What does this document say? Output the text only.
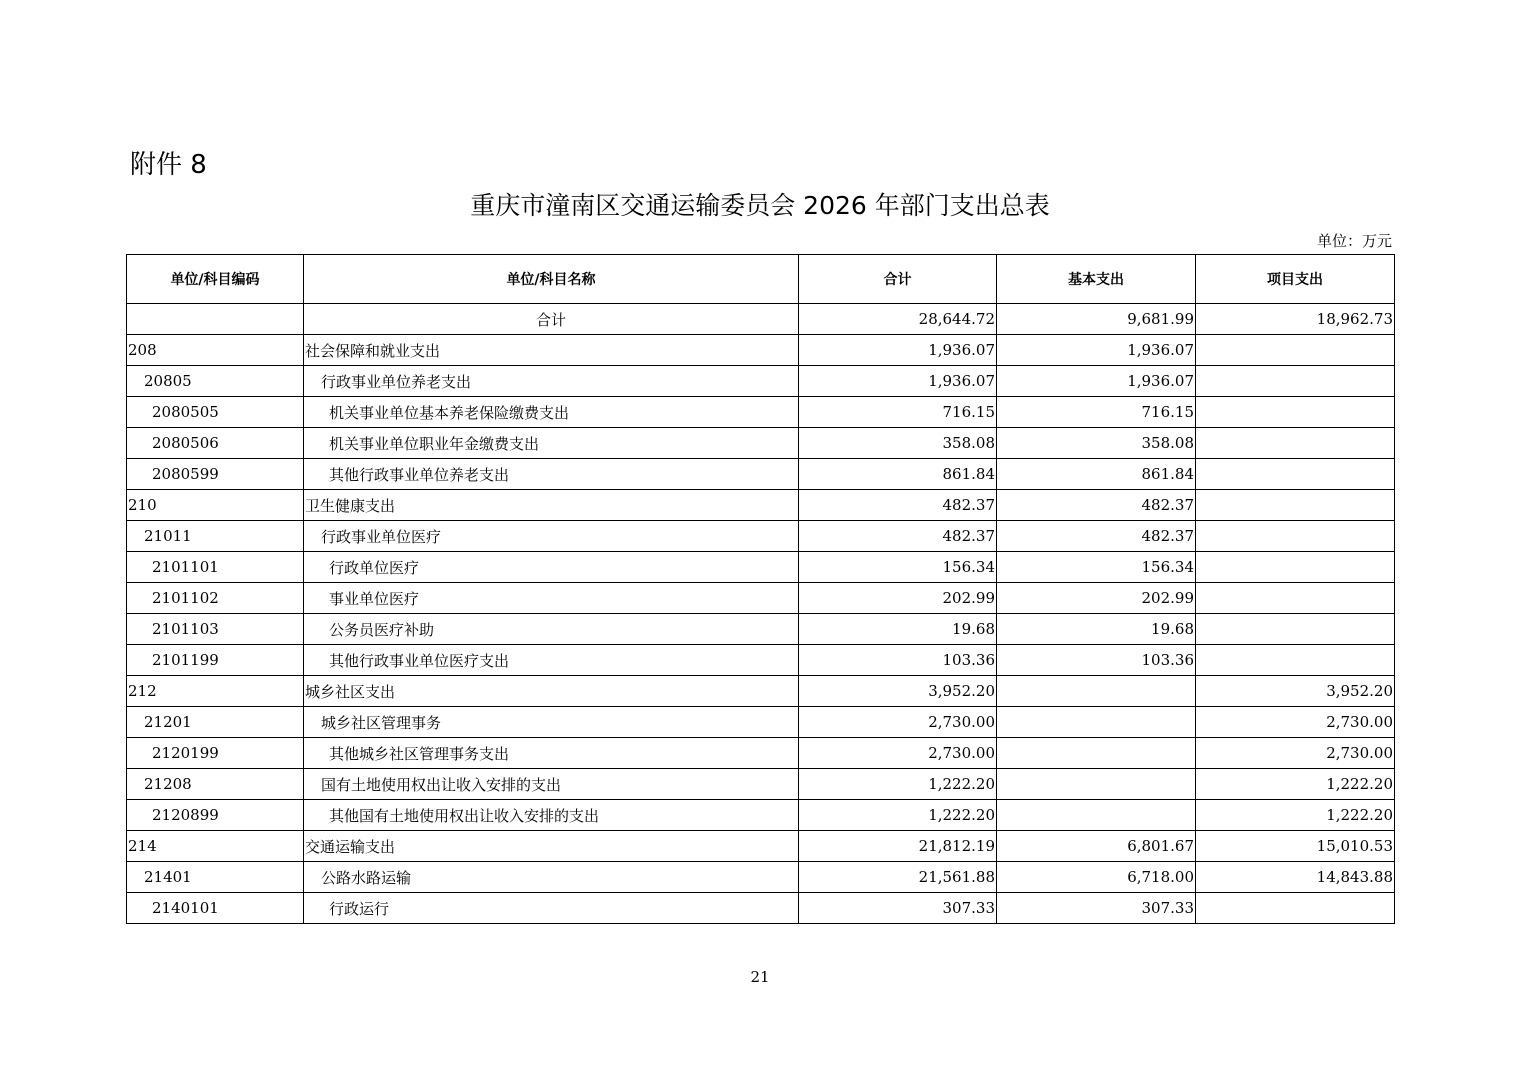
附件 8
重庆市潼南区交通运输委员会 2026 年部门支出总表
单位：万元
单位/科目编码	单位/科目名称	合计	基本支出	项目支出
	合计	28,644.72	9,681.99	18,962.73
208	社会保障和就业支出	1,936.07	1,936.07	
20805	行政事业单位养老支出	1,936.07	1,936.07	
2080505	机关事业单位基本养老保险缴费支出	716.15	716.15	
2080506	机关事业单位职业年金缴费支出	358.08	358.08	
2080599	其他行政事业单位养老支出	861.84	861.84	
210	卫生健康支出	482.37	482.37	
21011	行政事业单位医疗	482.37	482.37	
2101101	行政单位医疗	156.34	156.34	
2101102	事业单位医疗	202.99	202.99	
2101103	公务员医疗补助	19.68	19.68	
2101199	其他行政事业单位医疗支出	103.36	103.36	
212	城乡社区支出	3,952.20		3,952.20
21201	城乡社区管理事务	2,730.00		2,730.00
2120199	其他城乡社区管理事务支出	2,730.00		2,730.00
21208	国有土地使用权出让收入安排的支出	1,222.20		1,222.20
2120899	其他国有土地使用权出让收入安排的支出	1,222.20		1,222.20
214	交通运输支出	21,812.19	6,801.67	15,010.53
21401	公路水路运输	21,561.88	6,718.00	14,843.88
2140101	行政运行	307.33	307.33	
21
